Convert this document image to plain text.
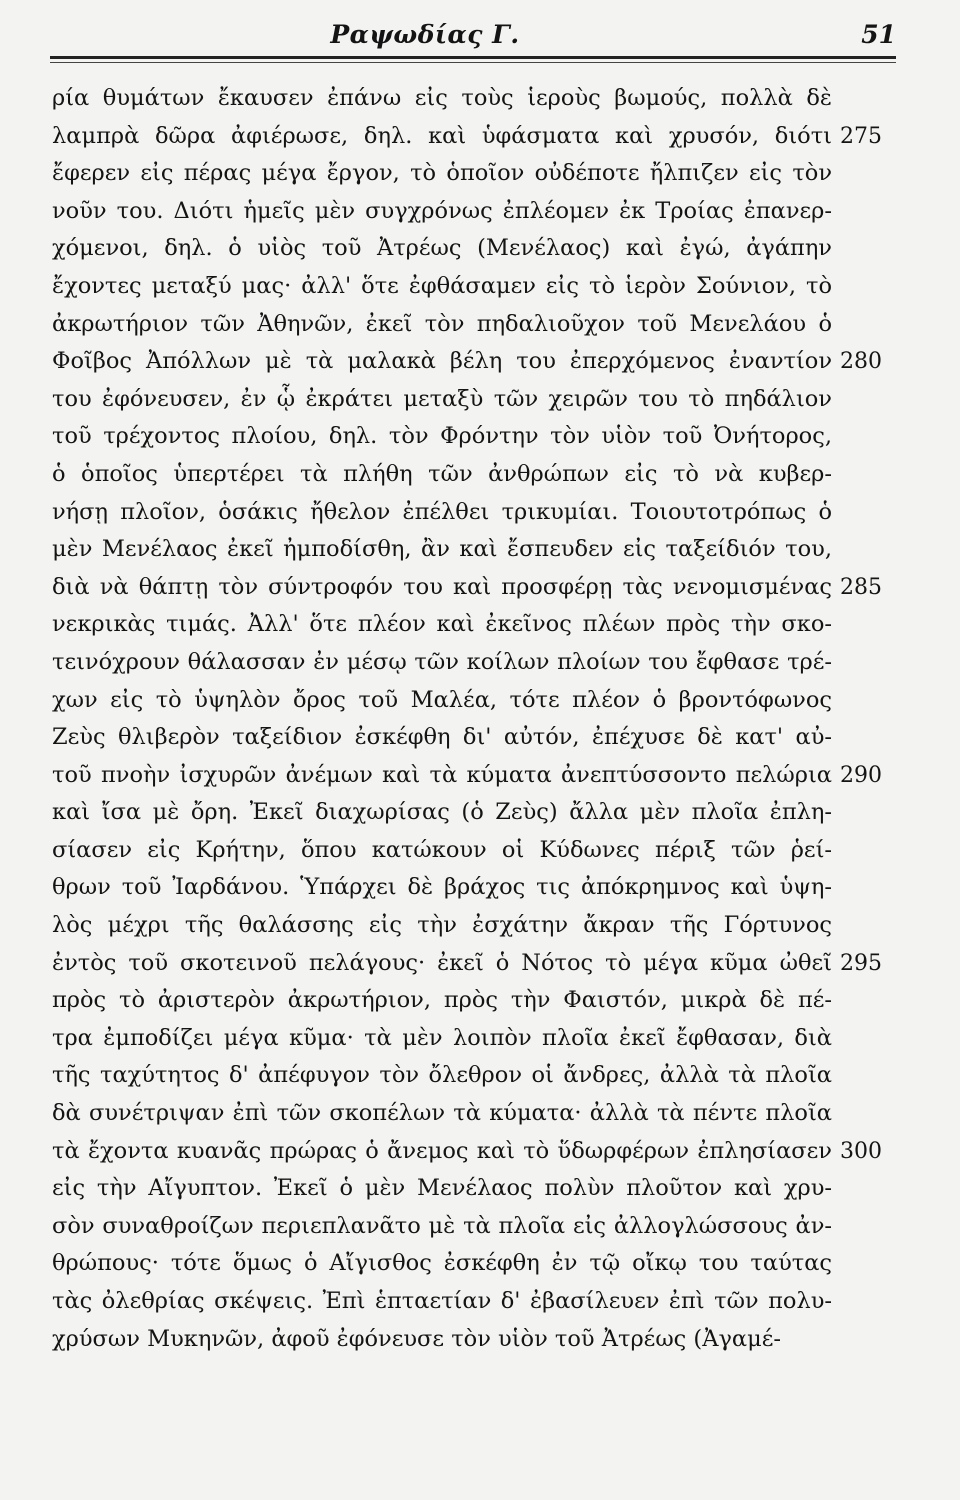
Ραψωδίας Γ.	51
ρία θυμάτων ἔκαυσεν ἐπάνω εἰς τοὺς ἱεροὺς βωμούς, πολλὰ δὲ
λαμπρὰ δῶρα ἀφιέρωσε, δηλ. καὶ ὑφάσματα καὶ χρυσόν, διότι
ἔφερεν εἰς πέρας μέγα ἔργον, τὸ ὁποῖον οὐδέποτε ἤλπιζεν εἰς τὸν
νοῦν του. Διότι ἡμεῖς μὲν συγχρόνως ἐπλέομεν ἐκ Τροίας ἐπανερ-
χόμενοι, δηλ. ὁ υἱὸς τοῦ Ἀτρέως (Μενέλαος) καὶ ἐγώ, ἀγάπην
ἔχοντες μεταξύ μας· ἀλλ' ὅτε ἐφθάσαμεν εἰς τὸ ἱερὸν Σούνιον, τὸ
ἀκρωτήριον τῶν Ἀθηνῶν, ἐκεῖ τὸν πηδαλιοῦχον τοῦ Μενελάου ὁ
Φοῖβος Ἀπόλλων μὲ τὰ μαλακὰ βέλη του ἐπερχόμενος ἐναντίον
του ἐφόνευσεν, ἐν ᾧ ἐκράτει μεταξὺ τῶν χειρῶν του τὸ πηδάλιον
τοῦ τρέχοντος πλοίου, δηλ. τὸν Φρόντην τὸν υἱὸν τοῦ Ὀνήτορος,
ὁ ὁποῖος ὑπερτέρει τὰ πλήθη τῶν ἀνθρώπων εἰς τὸ νὰ κυβερ-
νήσῃ πλοῖον, ὁσάκις ἤθελον ἐπέλθει τρικυμίαι. Τοιουτοτρόπως ὁ
μὲν Μενέλαος ἐκεῖ ἠμποδίσθη, ἂν καὶ ἔσπευδεν εἰς ταξείδιόν του,
διὰ νὰ θάπτῃ τὸν σύντροφόν του καὶ προσφέρῃ τὰς νενομισμένας
νεκρικὰς τιμάς. Ἀλλ' ὅτε πλέον καὶ ἐκεῖνος πλέων πρὸς τὴν σκο-
τεινόχρουν θάλασσαν ἐν μέσῳ τῶν κοίλων πλοίων του ἔφθασε τρέ-
χων εἰς τὸ ὑψηλὸν ὄρος τοῦ Μαλέα, τότε πλέον ὁ βροντόφωνος
Ζεὺς θλιβερὸν ταξείδιον ἐσκέφθη δι' αὐτόν, ἐπέχυσε δὲ κατ' αὐ-
τοῦ πνοὴν ἰσχυρῶν ἀνέμων καὶ τὰ κύματα ἀνεπτύσσοντο πελώρια
καὶ ἴσα μὲ ὄρη. Ἐκεῖ διαχωρίσας (ὁ Ζεὺς) ἄλλα μὲν πλοῖα ἐπλη-
σίασεν εἰς Κρήτην, ὅπου κατώκουν οἱ Κύδωνες πέριξ τῶν ῥεί-
θρων τοῦ Ἰαρδάνου. Ὑπάρχει δὲ βράχος τις ἀπόκρημνος καὶ ὑψη-
λὸς μέχρι τῆς θαλάσσης εἰς τὴν ἐσχάτην ἄκραν τῆς Γόρτυνος
ἐντὸς τοῦ σκοτεινοῦ πελάγους· ἐκεῖ ὁ Νότος τὸ μέγα κῦμα ὠθεῖ
πρὸς τὸ ἀριστερὸν ἀκρωτήριον, πρὸς τὴν Φαιστόν, μικρὰ δὲ πέ-
τρα ἐμποδίζει μέγα κῦμα· τὰ μὲν λοιπὸν πλοῖα ἐκεῖ ἔφθασαν, διὰ
τῆς ταχύτητος δ' ἀπέφυγον τὸν ὄλεθρον οἱ ἄνδρες, ἀλλὰ τὰ πλοῖα
δὰ συνέτριψαν ἐπὶ τῶν σκοπέλων τὰ κύματα· ἀλλὰ τὰ πέντε πλοῖα
τὰ ἔχοντα κυανᾶς πρώρας ὁ ἄνεμος καὶ τὸ ὕδωρφέρων ἐπλησίασεν
εἰς τὴν Αἴγυπτον. Ἐκεῖ ὁ μὲν Μενέλαος πολὺν πλοῦτον καὶ χρυ-
σὸν συναθροίζων περιεπλανᾶτο μὲ τὰ πλοῖα εἰς ἀλλογλώσσους ἀν-
θρώπους· τότε ὅμως ὁ Αἴγισθος ἐσκέφθη ἐν τῷ οἴκῳ του ταύτας
τὰς ὀλεθρίας σκέψεις. Ἐπὶ ἑπταετίαν δ' ἐβασίλευεν ἐπὶ τῶν πολυ-
χρύσων Μυκηνῶν, ἀφοῦ ἐφόνευσε τὸν υἱὸν τοῦ Ἀτρέως (Ἀγαμέ-
275
280
285
290
295
300
